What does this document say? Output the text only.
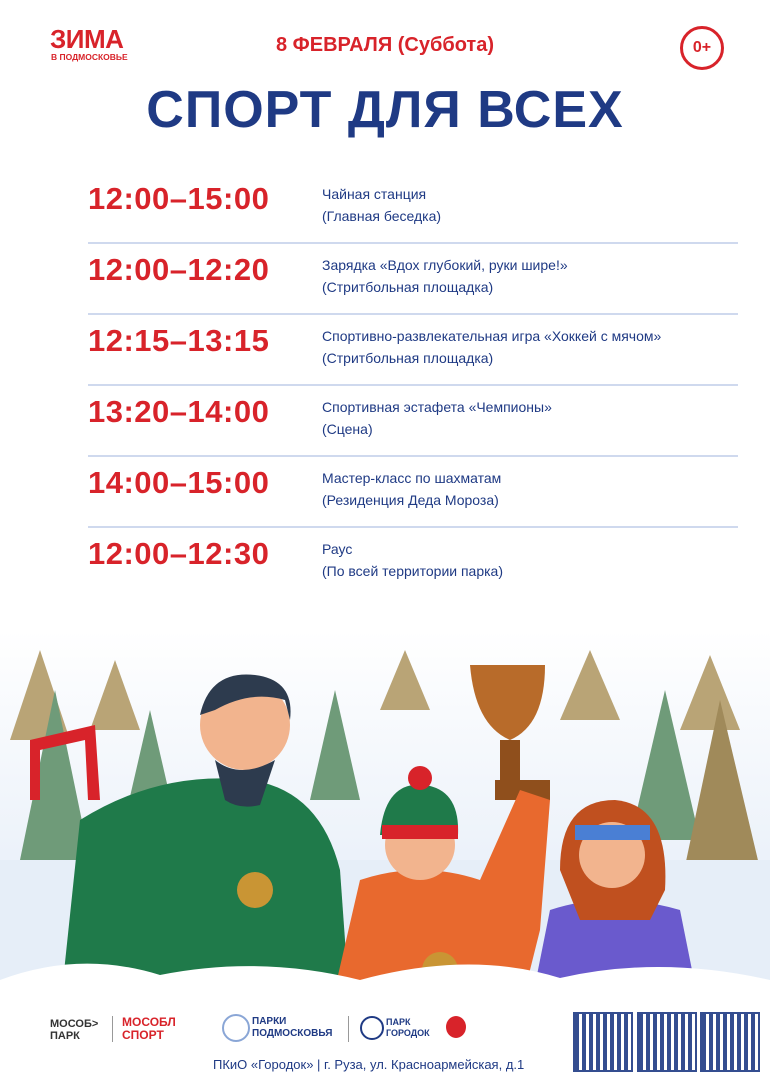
ЗИМА
В ПОДМОСКОВЬЕ
8 ФЕВРАЛЯ (Суббота)	0+
СПОРТ ДЛЯ ВСЕХ
12:00–15:00	Чайная станция
(Главная беседка)
12:00–12:20	Зарядка «Вдох глубокий, руки шире!»
(Стритбольная площадка)
12:15–13:15	Спортивно-развлекательная игра «Хоккей с мячом»
(Стритбольная площадка)
13:20–14:00	Спортивная эстафета «Чемпионы»
(Сцена)
14:00–15:00	Мастер-класс по шахматам
(Резиденция Деда Мороза)
12:00–12:30	Раус
(По всей территории парка)
МОСОБ>
ПАРК
МОСОБЛ СПОРТ
ПАРКИ
ПОДМОСКОВЬЯ
ПАРК
ГОРОДОК
ПКиО «Городок» | г. Руза, ул. Красноармейская, д.1
